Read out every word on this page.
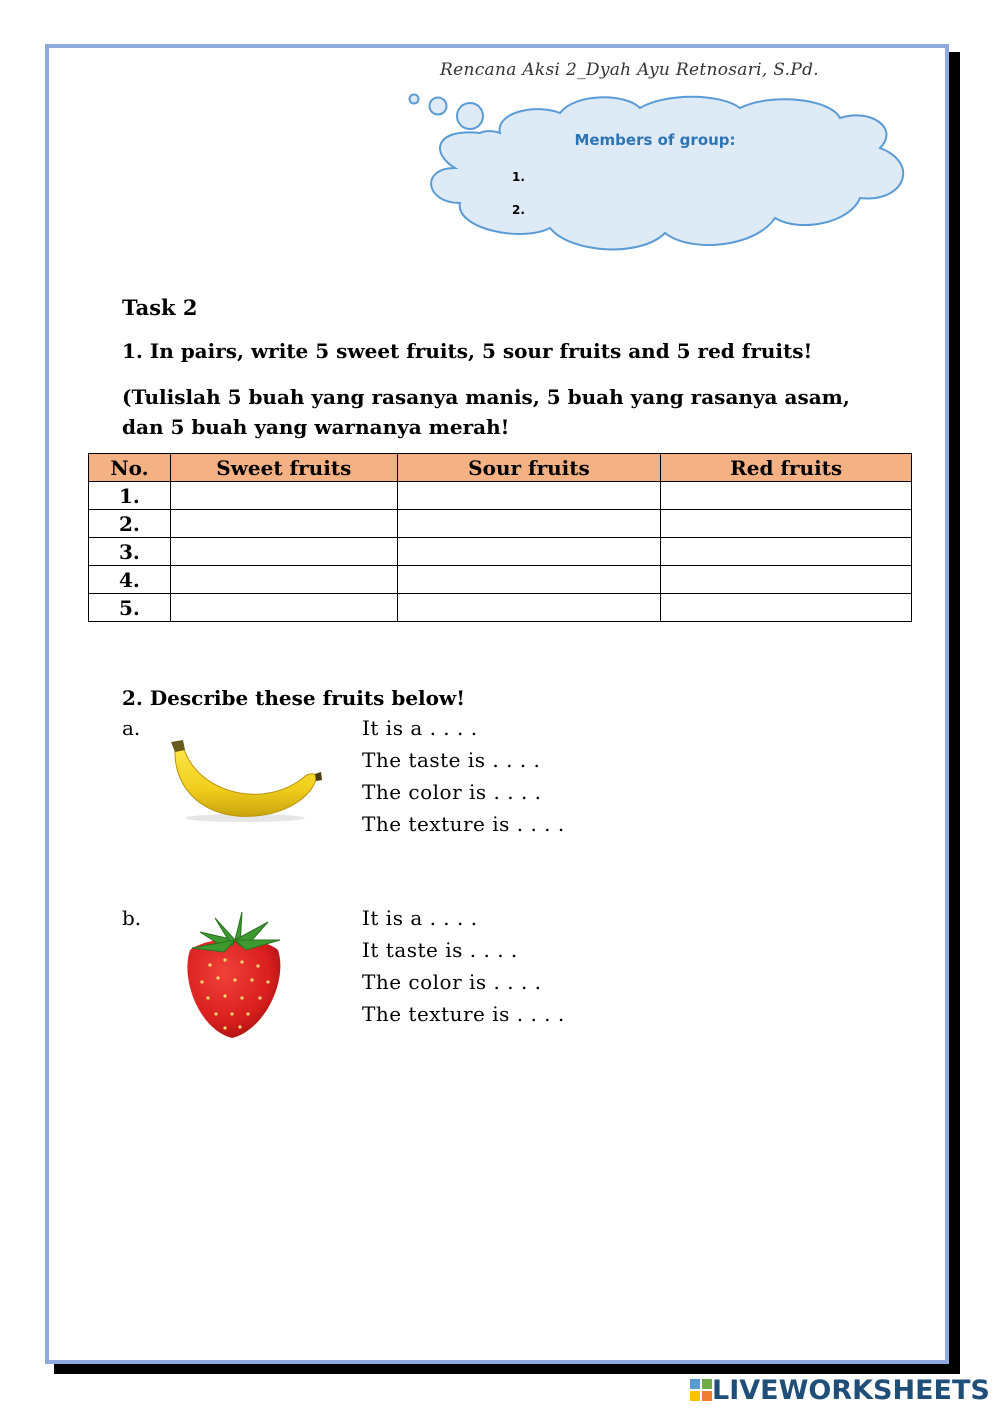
Rencana Aksi 2_Dyah Ayu Retnosari, S.Pd.
Members of group:
1.
2.
Task 2
1. In pairs, write 5 sweet fruits, 5 sour fruits and 5 red fruits!
(Tulislah 5 buah yang rasanya manis, 5 buah yang rasanya asam, dan 5 buah yang warnanya merah!
No.	Sweet fruits	Sour fruits	Red fruits
1.			
2.			
3.			
4.			
5.			
2. Describe these fruits below!
a.	It is a . . . .
The taste is . . . .
The color is . . . .
The texture is . . . .
b.	It is a . . . .
It taste is . . . .
The color is . . . .
The texture is . . . .
LIVEWORKSHEETS
